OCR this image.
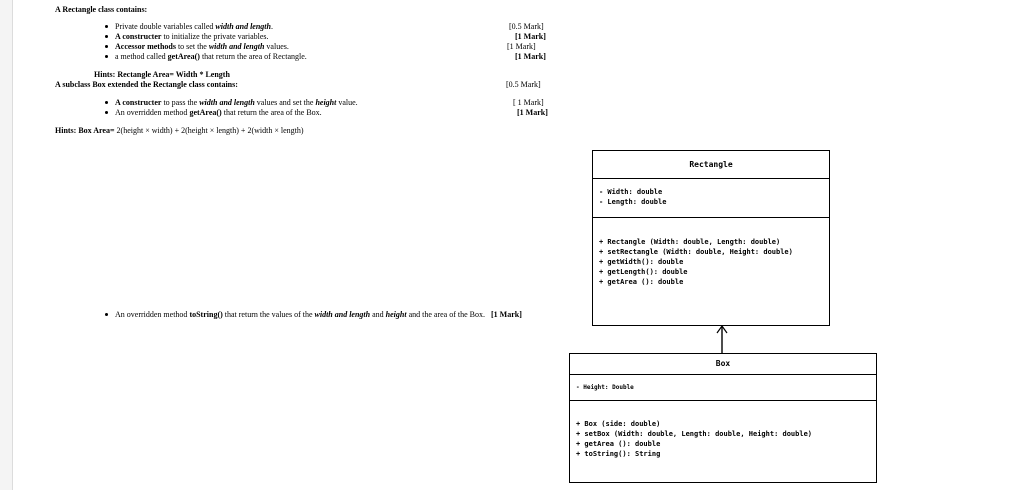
A Rectangle class contains:
Private double variables called width and length.	[0.5 Mark]
A constructer to initialize the private variables.	[1 Mark]
Accessor methods to set the width and length values.	[1 Mark]
a method called getArea() that return the area of Rectangle.	[1 Mark]
Hints: Rectangle Area= Width * Length
A subclass Box extended the Rectangle class contains:	[0.5 Mark]
A constructer to pass the width and length values and set the height value.	[ 1 Mark]
An overridden method getArea() that return the area of the Box.	[1 Mark]
Hints: Box Area= 2(height × width) + 2(height × length) + 2(width × length)
An overridden method toString() that return the values of the width and length and height and the area of the Box. [1 Mark]
Rectangle
- Width: double
- Length: double
+ Rectangle (Width: double, Length: double)
+ setRectangle (Width: double, Height: double)
+ getWidth(): double
+ getLength(): double
+ getArea (): double
Box
- Height: Double
+ Box (side: double)
+ setBox (Width: double, Length: double, Height: double)
+ getArea (): double
+ toString(): String
